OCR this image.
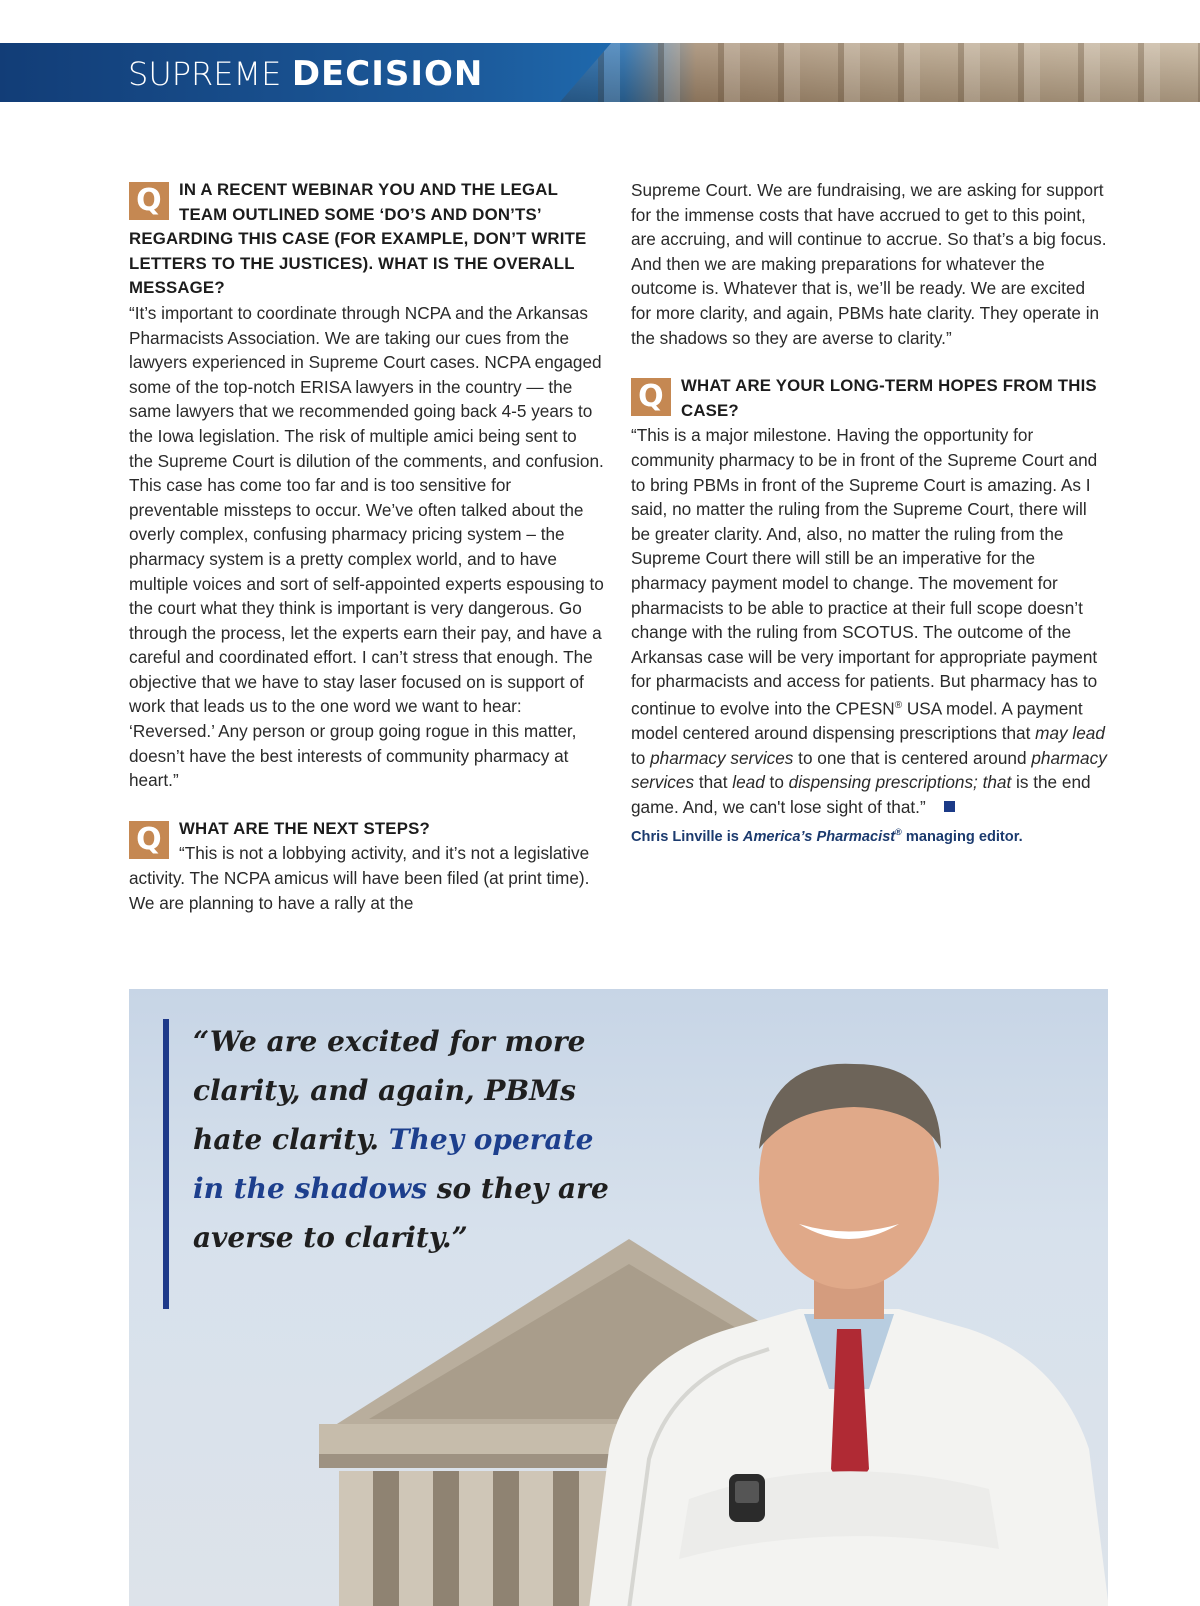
SUPREME DECISION

Q	IN A RECENT WEBINAR YOU AND THE LEGAL TEAM OUTLINED SOME ‘DO’S AND DON’TS’ REGARDING THIS CASE (FOR EXAMPLE, DON’T WRITE LETTERS TO THE JUSTICES). WHAT IS THE OVERALL MESSAGE?

“It’s important to coordinate through NCPA and the Arkansas Pharmacists Association. We are taking our cues from the lawyers experienced in Supreme Court cases. NCPA engaged some of the top-notch ERISA lawyers in the country — the same lawyers that we recommended going back 4-5 years to the Iowa legislation. The risk of multiple amici being sent to the Supreme Court is dilution of the comments, and confusion. This case has come too far and is too sensitive for preventable missteps to occur. We’ve often talked about the overly complex, confusing pharmacy pricing system – the pharmacy system is a pretty complex world, and to have multiple voices and sort of self-appointed experts espousing to the court what they think is important is very dangerous. Go through the process, let the experts earn their pay, and have a careful and coordinated effort. I can’t stress that enough. The objective that we have to stay laser focused on is support of work that leads us to the one word we want to hear: ‘Reversed.’ Any person or group going rogue in this matter, doesn’t have the best interests of community pharmacy at heart.”

Q	WHAT ARE THE NEXT STEPS?

“This is not a lobbying activity, and it’s not a legislative activity. The NCPA amicus will have been filed (at print time). We are planning to have a rally at the

Supreme Court. We are fundraising, we are asking for support for the immense costs that have accrued to get to this point, are accruing, and will continue to accrue. So that’s a big focus. And then we are making preparations for whatever the outcome is. Whatever that is, we’ll be ready. We are excited for more clarity, and again, PBMs hate clarity. They operate in the shadows so they are averse to clarity.”

Q	WHAT ARE YOUR LONG-TERM HOPES FROM THIS CASE?

“This is a major milestone. Having the opportunity for community pharmacy to be in front of the Supreme Court and to bring PBMs in front of the Supreme Court is amazing. As I said, no matter the ruling from the Supreme Court, there will be greater clarity. And, also, no matter the ruling from the Supreme Court there will still be an imperative for the pharmacy payment model to change. The movement for pharmacists to be able to practice at their full scope doesn’t change with the ruling from SCOTUS. The outcome of the Arkansas case will be very important for appropriate payment for pharmacists and access for patients. But pharmacy has to continue to evolve into the CPESN® USA model. A payment model centered around dispensing prescriptions that may lead to pharmacy services to one that is centered around pharmacy services that lead to dispensing prescriptions; that is the end game. And, we can't lose sight of that.”

Chris Linville is America’s Pharmacist® managing editor.

“We are excited for more clarity, and again, PBMs hate clarity. They operate in the shadows so they are averse to clarity.”
